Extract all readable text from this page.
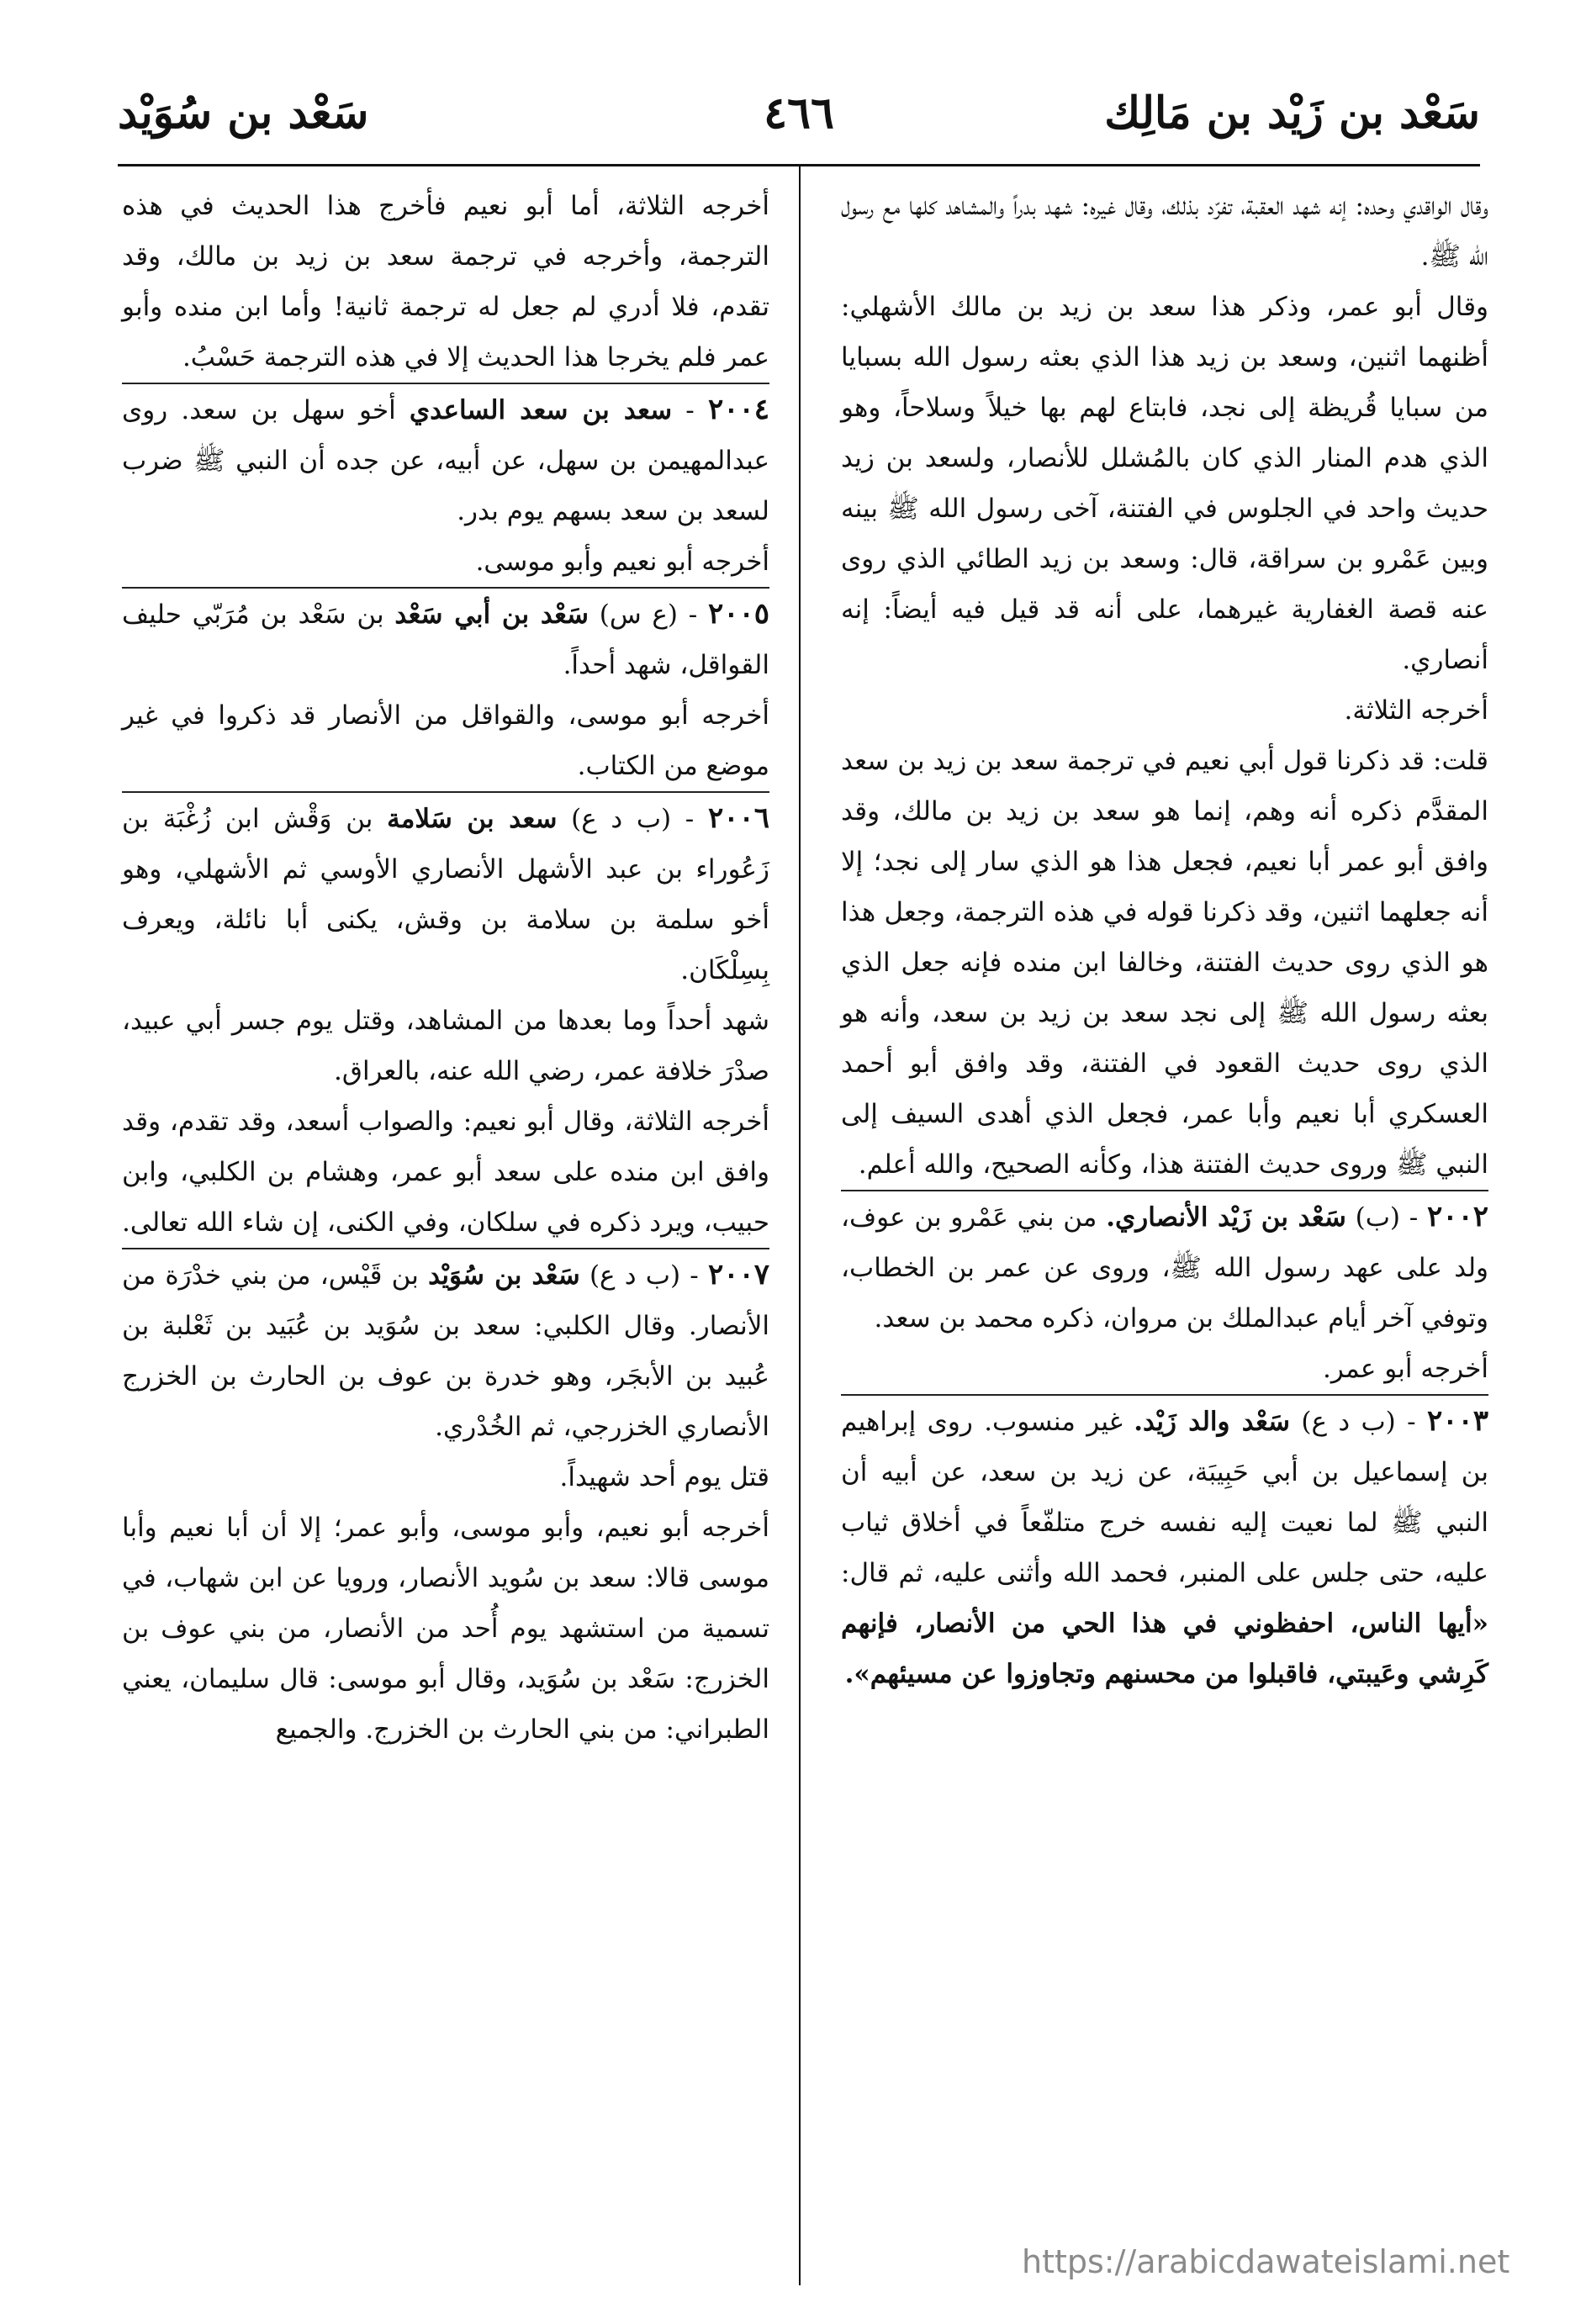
سَعْد بن زَيْد بن مَالِك
٤٦٦
سَعْد بن سُوَيْد

وقال الواقدي وحده: إنه شهد العقبة، تفرّد بذلك، وقال غيره: شهد بدراً والمشاهد كلها مع رسول الله ﷺ.

وقال أبو عمر، وذكر هذا سعد بن زيد بن مالك الأشهلي: أظنهما اثنين، وسعد بن زيد هذا الذي بعثه رسول الله بسبايا من سبايا قُريظة إلى نجد، فابتاع لهم بها خيلاً وسلاحاً، وهو الذي هدم المنار الذي كان بالمُشلل للأنصار، ولسعد بن زيد حديث واحد في الجلوس في الفتنة، آخى رسول الله ﷺ بينه وبين عَمْرو بن سراقة، قال: وسعد بن زيد الطائي الذي روى عنه قصة الغفارية غيرهما، على أنه قد قيل فيه أيضاً: إنه أنصاري.

أخرجه الثلاثة.

قلت: قد ذكرنا قول أبي نعيم في ترجمة سعد بن زيد بن سعد المقدَّم ذكره أنه وهم، إنما هو سعد بن زيد بن مالك، وقد وافق أبو عمر أبا نعيم، فجعل هذا هو الذي سار إلى نجد؛ إلا أنه جعلهما اثنين، وقد ذكرنا قوله في هذه الترجمة، وجعل هذا هو الذي روى حديث الفتنة، وخالفا ابن منده فإنه جعل الذي بعثه رسول الله ﷺ إلى نجد سعد بن زيد بن سعد، وأنه هو الذي روى حديث القعود في الفتنة، وقد وافق أبو أحمد العسكري أبا نعيم وأبا عمر، فجعل الذي أهدى السيف إلى النبي ﷺ وروى حديث الفتنة هذا، وكأنه الصحيح، والله أعلم.

٢٠٠٢ - (ب) سَعْد بن زَيْد الأنصاري. من بني عَمْرو بن عوف، ولد على عهد رسول الله ﷺ، وروى عن عمر بن الخطاب، وتوفي آخر أيام عبدالملك بن مروان، ذكره محمد بن سعد.

أخرجه أبو عمر.

٢٠٠٣ - (ب د ع) سَعْد والد زَيْد. غير منسوب. روى إبراهيم بن إسماعيل بن أبي حَبِيبَة، عن زيد بن سعد، عن أبيه أن النبي ﷺ لما نعيت إليه نفسه خرج متلفّعاً في أخلاق ثياب عليه، حتى جلس على المنبر، فحمد الله وأثنى عليه، ثم قال: «أيها الناس، احفظوني في هذا الحي من الأنصار، فإنهم كَرِشي وعَيبتي، فاقبلوا من محسنهم وتجاوزوا عن مسيئهم».

أخرجه الثلاثة، أما أبو نعيم فأخرج هذا الحديث في هذه الترجمة، وأخرجه في ترجمة سعد بن زيد بن مالك، وقد تقدم، فلا أدري لم جعل له ترجمة ثانية! وأما ابن منده وأبو عمر فلم يخرجا هذا الحديث إلا في هذه الترجمة حَسْبُ.

٢٠٠٤ - سعد بن سعد الساعدي أخو سهل بن سعد. روى عبدالمهيمن بن سهل، عن أبيه، عن جده أن النبي ﷺ ضرب لسعد بن سعد بسهم يوم بدر.

أخرجه أبو نعيم وأبو موسى.

٢٠٠٥ - (ع س) سَعْد بن أبي سَعْد بن سَعْد بن مُرَبّي حليف القواقل، شهد أحداً.

أخرجه أبو موسى، والقواقل من الأنصار قد ذكروا في غير موضع من الكتاب.

٢٠٠٦ - (ب د ع) سعد بن سَلامة بن وَقْش ابن زُغْبَة بن زَعُوراء بن عبد الأشهل الأنصاري الأوسي ثم الأشهلي، وهو أخو سلمة بن سلامة بن وقش، يكنى أبا نائلة، ويعرف بِسِلْكَان.

شهد أحداً وما بعدها من المشاهد، وقتل يوم جسر أبي عبيد، صدْرَ خلافة عمر، رضي الله عنه، بالعراق.

أخرجه الثلاثة، وقال أبو نعيم: والصواب أسعد، وقد تقدم، وقد وافق ابن منده على سعد أبو عمر، وهشام بن الكلبي، وابن حبيب، ويرد ذكره في سلكان، وفي الكنى، إن شاء الله تعالى.

٢٠٠٧ - (ب د ع) سَعْد بن سُوَيْد بن قَيْس، من بني خدْرَة من الأنصار. وقال الكلبي: سعد بن سُوَيد بن عُبَيد بن ثَعْلبة بن عُبيد بن الأبجَر، وهو خدرة بن عوف بن الحارث بن الخزرج الأنصاري الخزرجي، ثم الخُدْري.

قتل يوم أحد شهيداً.

أخرجه أبو نعيم، وأبو موسى، وأبو عمر؛ إلا أن أبا نعيم وأبا موسى قالا: سعد بن سُويد الأنصار، ورويا عن ابن شهاب، في تسمية من استشهد يوم أُحد من الأنصار، من بني عوف بن الخزرج: سَعْد بن سُوَيد، وقال أبو موسى: قال سليمان، يعني الطبراني: من بني الحارث بن الخزرج. والجميع

https://arabicdawateislami.net
